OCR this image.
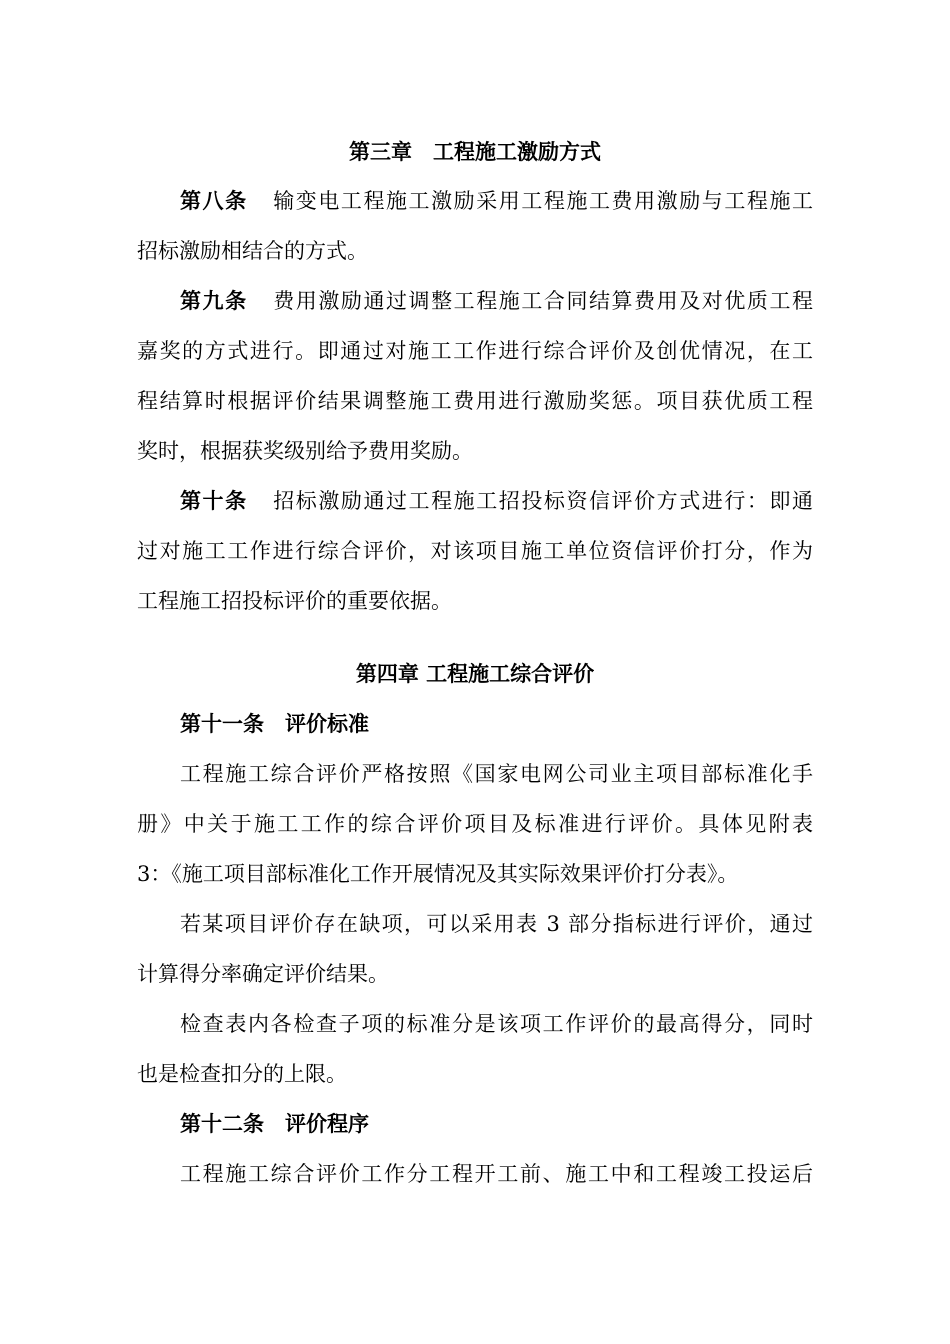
第三章　工程施工激励方式
第八条 输变电工程施工激励采用工程施工费用激励与工程施工
招标激励相结合的方式。
第九条 费用激励通过调整工程施工合同结算费用及对优质工程
嘉奖的方式进行。即通过对施工工作进行综合评价及创优情况，在工
程结算时根据评价结果调整施工费用进行激励奖惩。项目获优质工程
奖时，根据获奖级别给予费用奖励。
第十条 招标激励通过工程施工招投标资信评价方式进行：即通
过对施工工作进行综合评价，对该项目施工单位资信评价打分，作为
工程施工招投标评价的重要依据。
第四章 工程施工综合评价
第十一条　评价标准
工程施工综合评价严格按照《国家电网公司业主项目部标准化手
册》中关于施工工作的综合评价项目及标准进行评价。具体见附表
3：《施工项目部标准化工作开展情况及其实际效果评价打分表》。
若某项目评价存在缺项，可以采用表 3 部分指标进行评价，通过
计算得分率确定评价结果。
检查表内各检查子项的标准分是该项工作评价的最高得分，同时
也是检查扣分的上限。
第十二条　评价程序
工程施工综合评价工作分工程开工前、施工中和工程竣工投运后
